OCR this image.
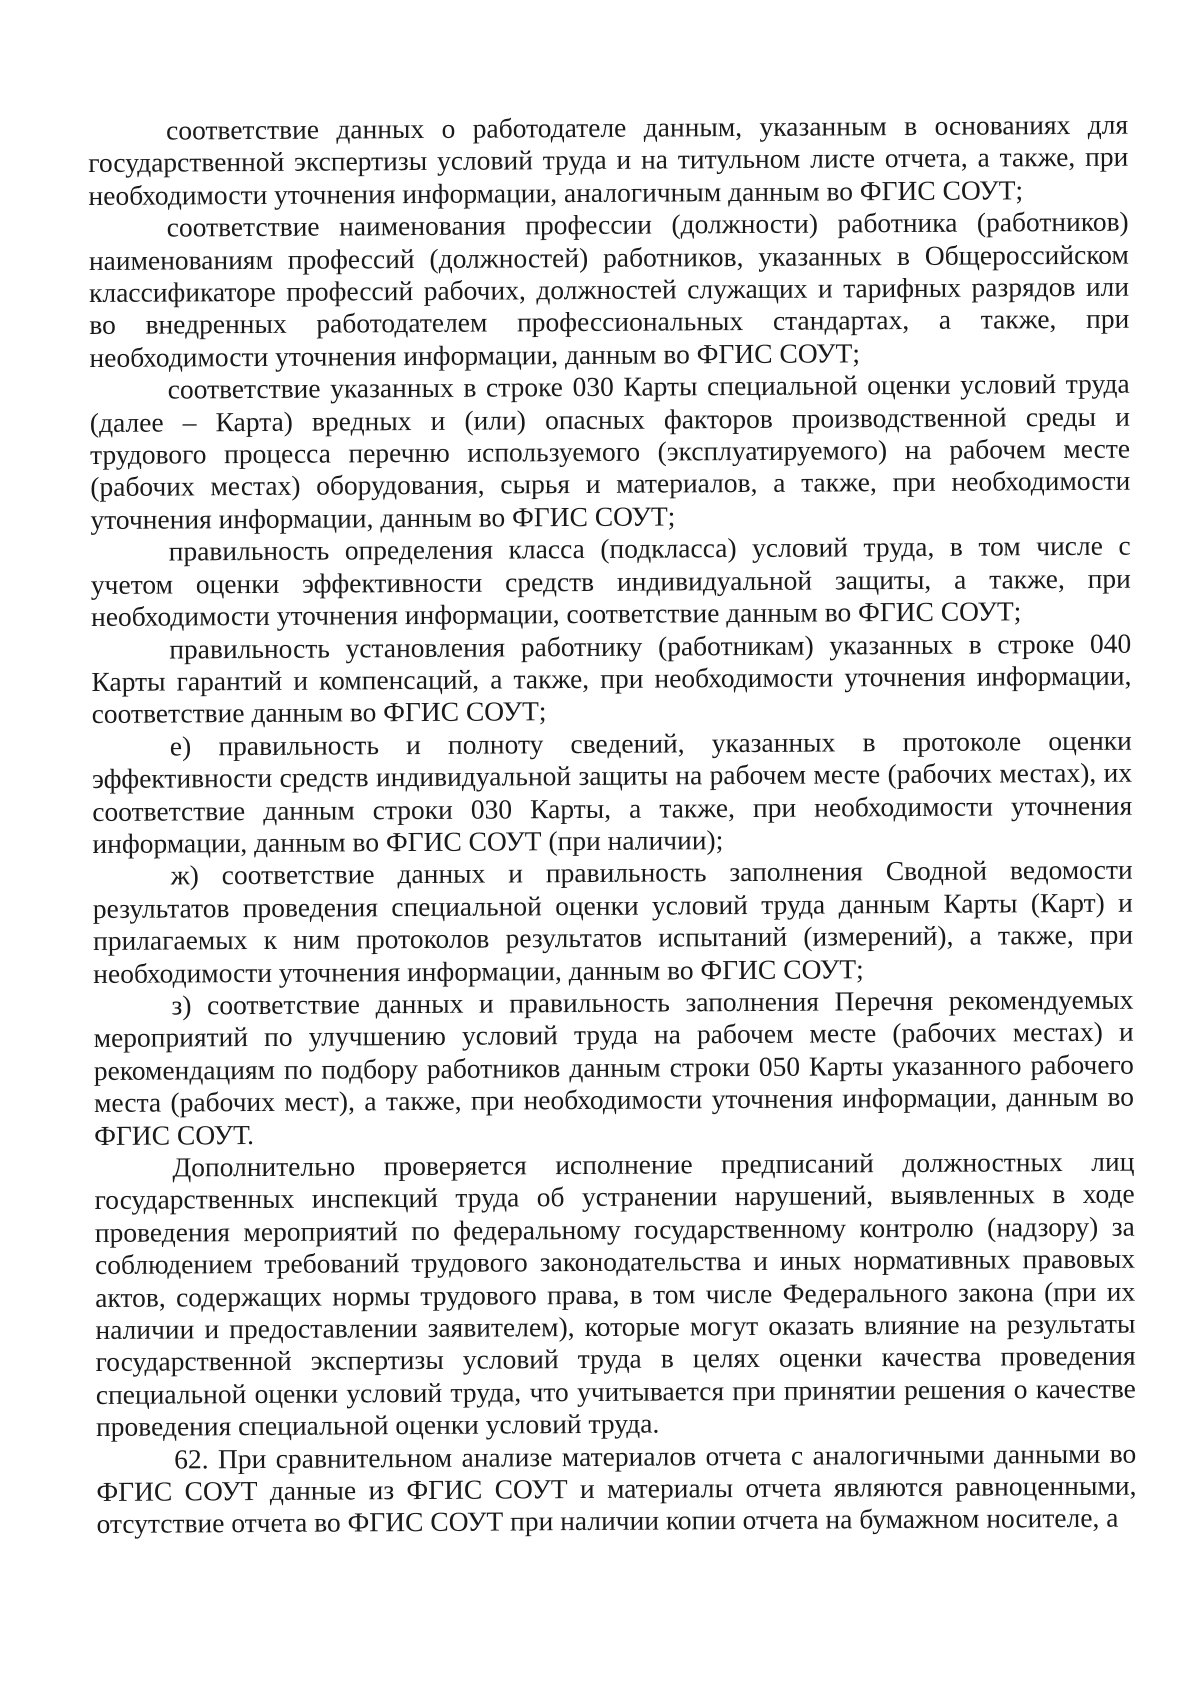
соответствие данных о работодателе данным, указанным в основаниях для государственной экспертизы условий труда и на титульном листе отчета, а также, при необходимости уточнения информации, аналогичным данным во ФГИС СОУТ;

соответствие наименования профессии (должности) работника (работников) наименованиям профессий (должностей) работников, указанных в Общероссийском классификаторе профессий рабочих, должностей служащих и тарифных разрядов или во внедренных работодателем профессиональных стандартах, а также, при необходимости уточнения информации, данным во ФГИС СОУТ;

соответствие указанных в строке 030 Карты специальной оценки условий труда (далее – Карта) вредных и (или) опасных факторов производственной среды и трудового процесса перечню используемого (эксплуатируемого) на рабочем месте (рабочих местах) оборудования, сырья и материалов, а также, при необходимости уточнения информации, данным во ФГИС СОУТ;

правильность определения класса (подкласса) условий труда, в том числе с учетом оценки эффективности средств индивидуальной защиты, а также, при необходимости уточнения информации, соответствие данным во ФГИС СОУТ;

правильность установления работнику (работникам) указанных в строке 040 Карты гарантий и компенсаций, а также, при необходимости уточнения информации, соответствие данным во ФГИС СОУТ;

е) правильность и полноту сведений, указанных в протоколе оценки эффективности средств индивидуальной защиты на рабочем месте (рабочих местах), их соответствие данным строки 030 Карты, а также, при необходимости уточнения информации, данным во ФГИС СОУТ (при наличии);

ж) соответствие данных и правильность заполнения Сводной ведомости результатов проведения специальной оценки условий труда данным Карты (Карт) и прилагаемых к ним протоколов результатов испытаний (измерений), а также, при необходимости уточнения информации, данным во ФГИС СОУТ;

з) соответствие данных и правильность заполнения Перечня рекомендуемых мероприятий по улучшению условий труда на рабочем месте (рабочих местах) и рекомендациям по подбору работников данным строки 050 Карты указанного рабочего места (рабочих мест), а также, при необходимости уточнения информации, данным во ФГИС СОУТ.

Дополнительно проверяется исполнение предписаний должностных лиц государственных инспекций труда об устранении нарушений, выявленных в ходе проведения мероприятий по федеральному государственному контролю (надзору) за соблюдением требований трудового законодательства и иных нормативных правовых актов, содержащих нормы трудового права, в том числе Федерального закона (при их наличии и предоставлении заявителем), которые могут оказать влияние на результаты государственной экспертизы условий труда в целях оценки качества проведения специальной оценки условий труда, что учитывается при принятии решения о качестве проведения специальной оценки условий труда.

62. При сравнительном анализе материалов отчета с аналогичными данными во ФГИС СОУТ данные из ФГИС СОУТ и материалы отчета являются равноценными, отсутствие отчета во ФГИС СОУТ при наличии копии отчета на бумажном носителе, а
